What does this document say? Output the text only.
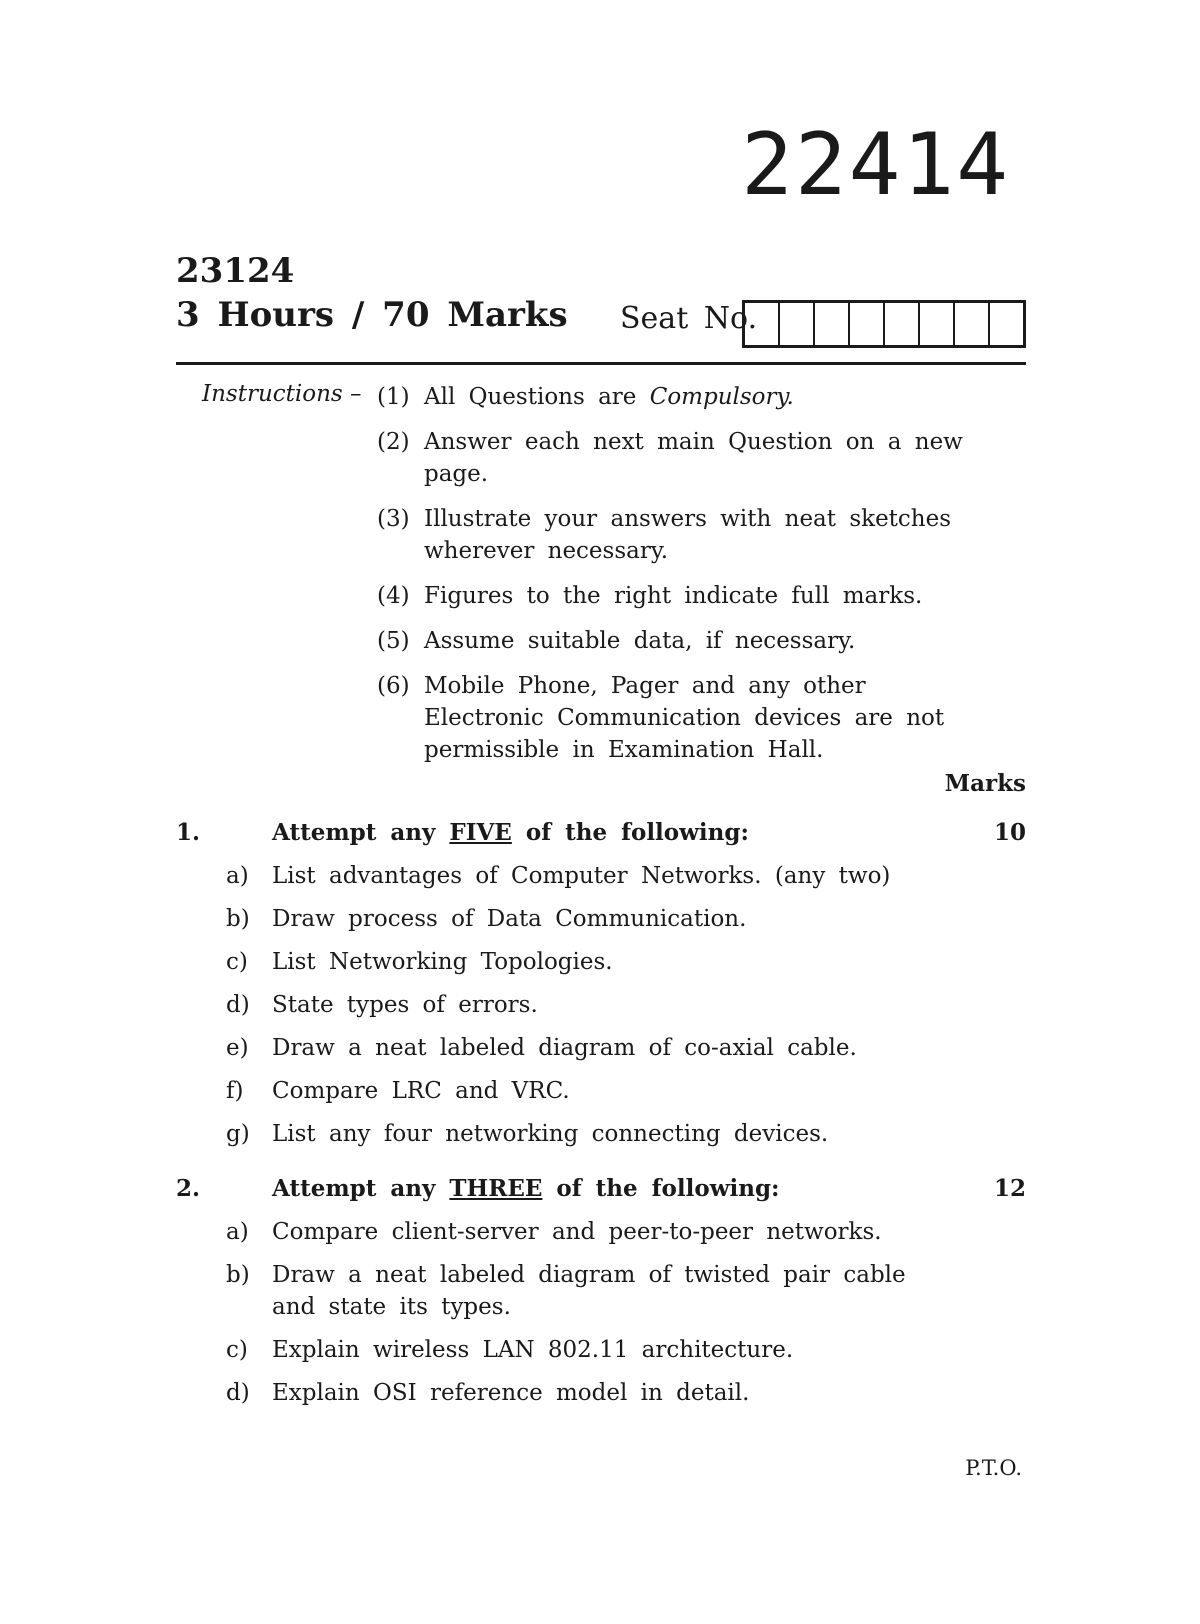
22414
23124
3 Hours / 70 Marks Seat No.
Instructions – (1) All Questions are Compulsory.
(2) Answer each next main Question on a new page.
(3) Illustrate your answers with neat sketches wherever necessary.
(4) Figures to the right indicate full marks.
(5) Assume suitable data, if necessary.
(6) Mobile Phone, Pager and any other Electronic Communication devices are not permissible in Examination Hall.
Marks
1.	Attempt any FIVE of the following:	10
a)	List advantages of Computer Networks. (any two)
b) Draw process of Data Communication.
c)	List Networking Topologies.
d) State types of errors.
e)	Draw a neat labeled diagram of co-axial cable.
f)	Compare LRC and VRC.
g) List any four networking connecting devices.
2.	Attempt any THREE of the following:	12
a)	Compare client-server and peer-to-peer networks.
b) Draw a neat labeled diagram of twisted pair cable and state its types.
c)	Explain wireless LAN 802.11 architecture.
d) Explain OSI reference model in detail.
P.T.O.
